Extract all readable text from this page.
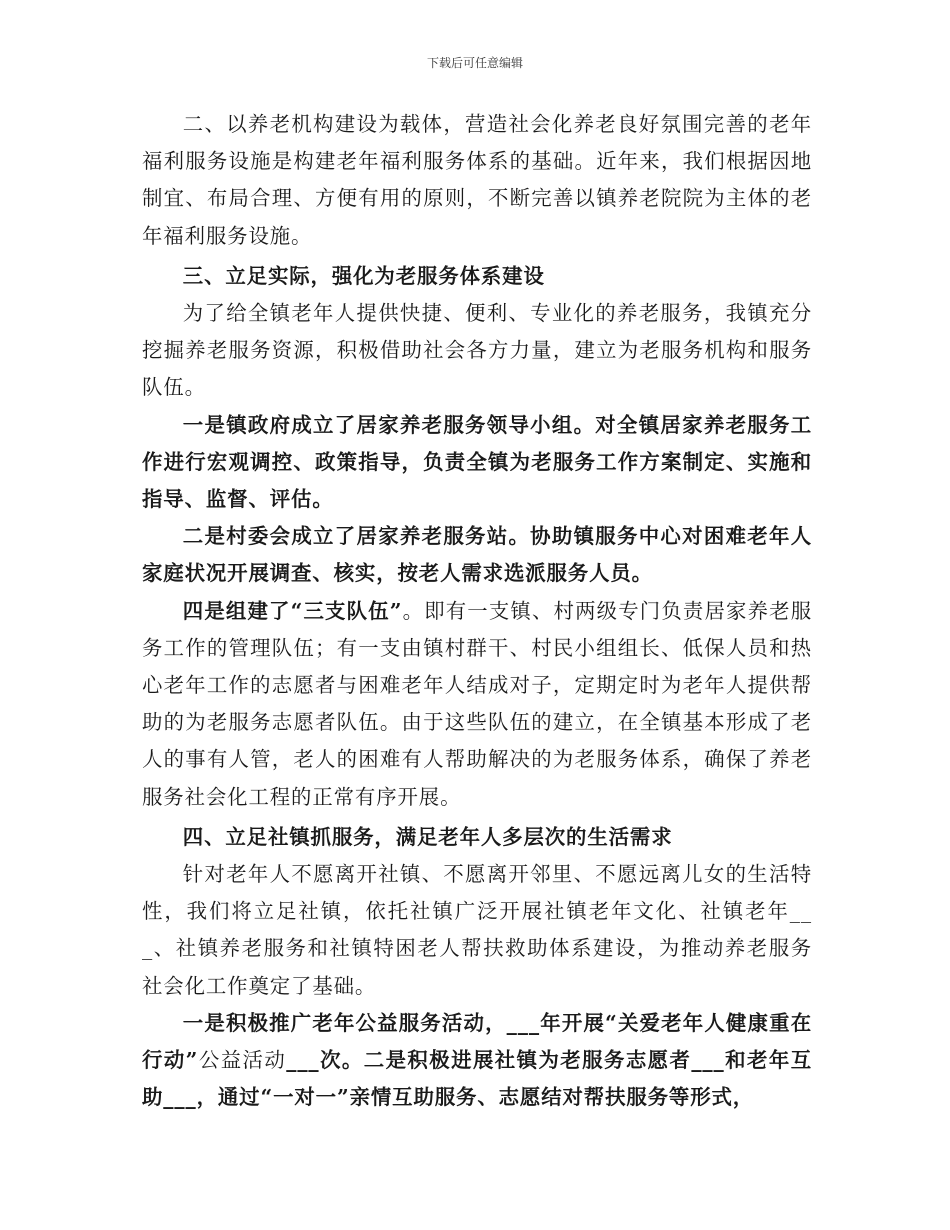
下载后可任意编辑

二、以养老机构建设为载体，营造社会化养老良好氛围完善的老年福利服务设施是构建老年福利服务体系的基础。近年来，我们根据因地制宜、布局合理、方便有用的原则，不断完善以镇养老院院为主体的老年福利服务设施。

三、立足实际，强化为老服务体系建设

为了给全镇老年人提供快捷、便利、专业化的养老服务，我镇充分挖掘养老服务资源，积极借助社会各方力量，建立为老服务机构和服务队伍。

一是镇政府成立了居家养老服务领导小组。对全镇居家养老服务工作进行宏观调控、政策指导，负责全镇为老服务工作方案制定、实施和指导、监督、评估。

二是村委会成立了居家养老服务站。协助镇服务中心对困难老年人家庭状况开展调查、核实，按老人需求选派服务人员。

四是组建了“三支队伍”。即有一支镇、村两级专门负责居家养老服务工作的管理队伍；有一支由镇村群干、村民小组组长、低保人员和热心老年工作的志愿者与困难老年人结成对子，定期定时为老年人提供帮助的为老服务志愿者队伍。由于这些队伍的建立，在全镇基本形成了老人的事有人管，老人的困难有人帮助解决的为老服务体系，确保了养老服务社会化工程的正常有序开展。

四、立足社镇抓服务，满足老年人多层次的生活需求

针对老年人不愿离开社镇、不愿离开邻里、不愿远离儿女的生活特性，我们将立足社镇，依托社镇广泛开展社镇老年文化、社镇老年___、社镇养老服务和社镇特困老人帮扶救助体系建设，为推动养老服务社会化工作奠定了基础。

一是积极推广老年公益服务活动，___年开展“关爱老年人健康重在行动”公益活动___次。二是积极进展社镇为老服务志愿者___和老年互助___，通过“一对一”亲情互助服务、志愿结对帮扶服务等形式，
